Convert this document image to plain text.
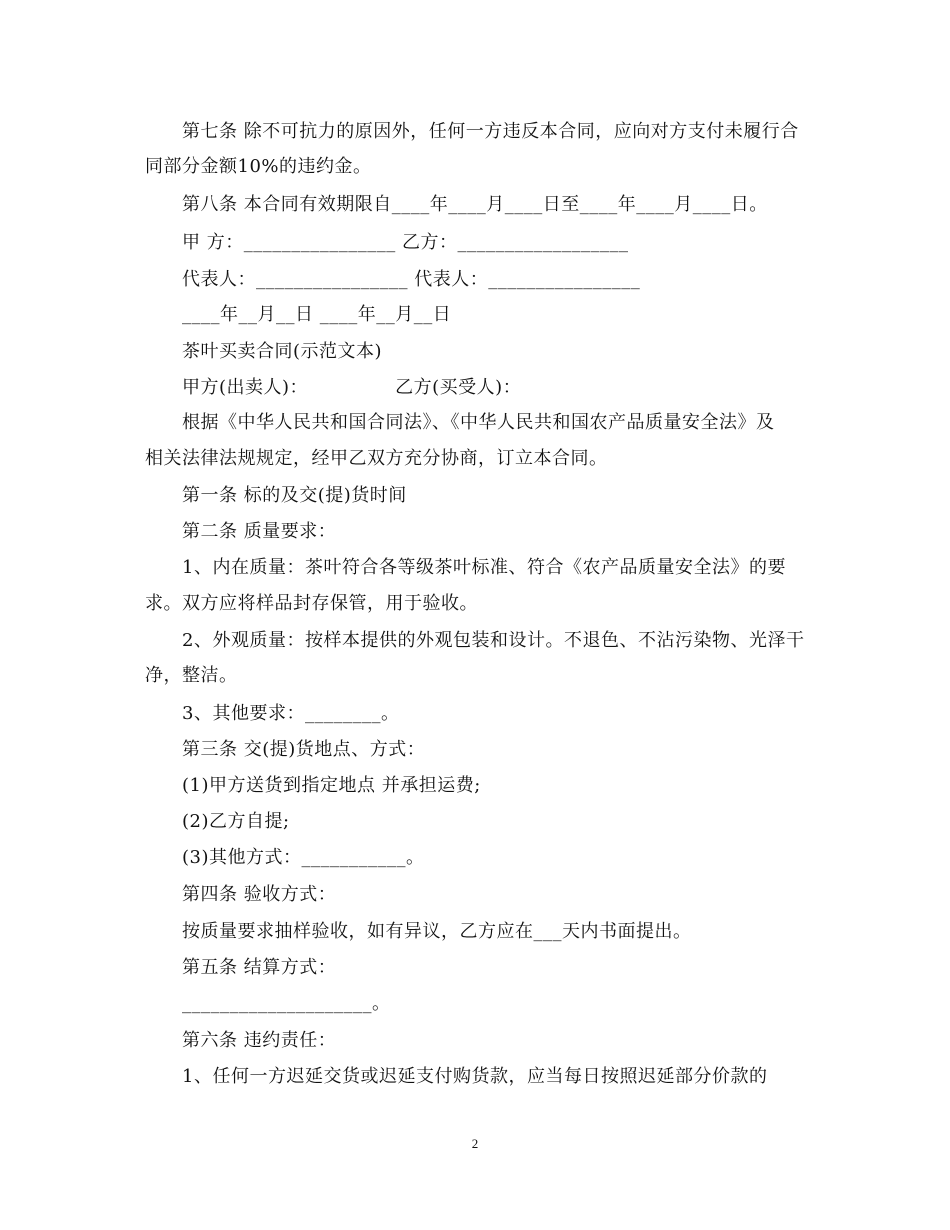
第七条 除不可抗力的原因外，任何一方违反本合同，应向对方支付未履行合
同部分金额10%的违约金。
第八条 本合同有效期限自____年____月____日至____年____月____日。
甲 方：________________ 乙方：__________________
代表人：________________ 代表人：________________
____年__月__日 ____年__月__日
茶叶买卖合同(示范文本)
甲方(出卖人)：              乙方(买受人)：
根据《中华人民共和国合同法》、《中华人民共和国农产品质量安全法》及
相关法律法规规定，经甲乙双方充分协商，订立本合同。
第一条 标的及交(提)货时间
第二条 质量要求：
1、内在质量：茶叶符合各等级茶叶标准、符合《农产品质量安全法》的要
求。双方应将样品封存保管，用于验收。
2、外观质量：按样本提供的外观包装和设计。不退色、不沾污染物、光泽干
净，整洁。
3、其他要求：________。
第三条 交(提)货地点、方式：
(1)甲方送货到指定地点 并承担运费;
(2)乙方自提;
(3)其他方式：___________。
第四条 验收方式：
按质量要求抽样验收，如有异议，乙方应在___天内书面提出。
第五条 结算方式：
____________________。
第六条 违约责任：
1、任何一方迟延交货或迟延支付购货款，应当每日按照迟延部分价款的
2
